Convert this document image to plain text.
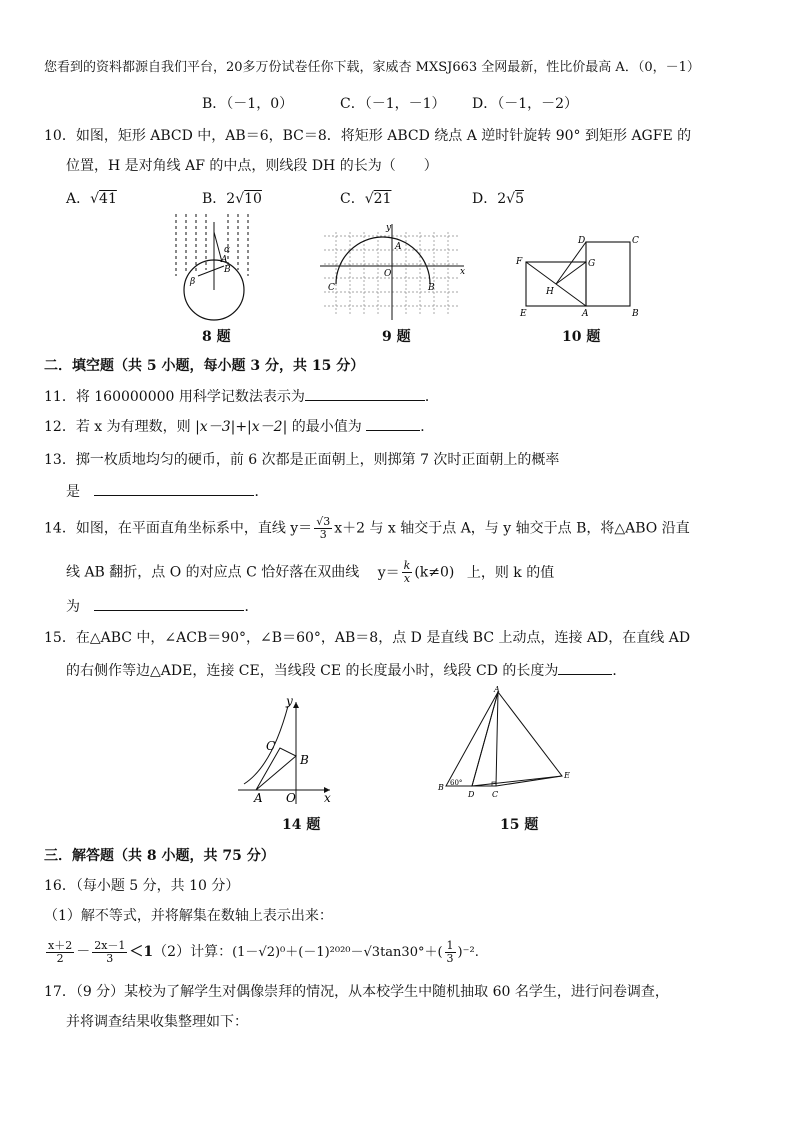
您看到的资料都源自我们平台，20多万份试卷任你下载，家威杏 MXSJ663 全网最新，性比价最高 A．（0，－1）
B．（－1，0）	C．（－1，－1） D．（－1，－2）
10．如图，矩形 ABCD 中，AB＝6，BC＝8．将矩形 ABCD 绕点 A 逆时针旋转 90° 到矩形 AGFE 的
位置，H 是对角线 AF 的中点，则线段 DH 的长为（　　）
A．√41	B．2√10	C．√21	D．2√5
A
B
α
β
8 题
y
x
A
O
C	B
9 题
D	C
F	G
H
E	A	B
10 题
二．填空题（共 5 小题，每小题 3 分，共 15 分）
11．将 160000000 用科学记数法表示为	．
12．若 x 为有理数，则 |x－3|+|x－2| 的最小值为	．
13．掷一枚质地均匀的硬币，前 6 次都是正面朝上，则掷第 7 次时正面朝上的概率
是	．
14．如图，在平面直角坐标系中，直线 $y= \frac{√3}{3} x+2$ 与 x 轴交于点 A，与 y 轴交于点 B，将△ABO 沿直
线 AB 翻折，点 O 的对应点 C 恰好落在双曲线 $y= \frac{k}{x} (k\ne 0)$ 上，则 k 的值
为	．
15．在△ABC 中，∠ACB＝90°，∠B＝60°，AB＝8，点 D 是直线 BC 上动点，连接 AD，在直线 AD
的右侧作等边△ADE，连接 CE，当线段 CE 的长度最小时，线段 CD 的长度为	．
y
C
B
A O x
14 题
A
E
B 60°
D C
15 题
三．解答题（共 8 小题，共 75 分）
16．（每小题 5 分，共 10 分）
（1）解不等式，并将解集在数轴上表示出来：
$\frac{x+2}{2} - \frac{2x-1}{3} <1(2)$计算：$(1-√2)^0+(-1)^{2020}-√3\tan 30^\circ+( \frac{1}{3} )^{-2}$.
17．（9 分）某校为了解学生对偶像崇拜的情况，从本校学生中随机抽取 60 名学生，进行问卷调查，
并将调查结果收集整理如下：
